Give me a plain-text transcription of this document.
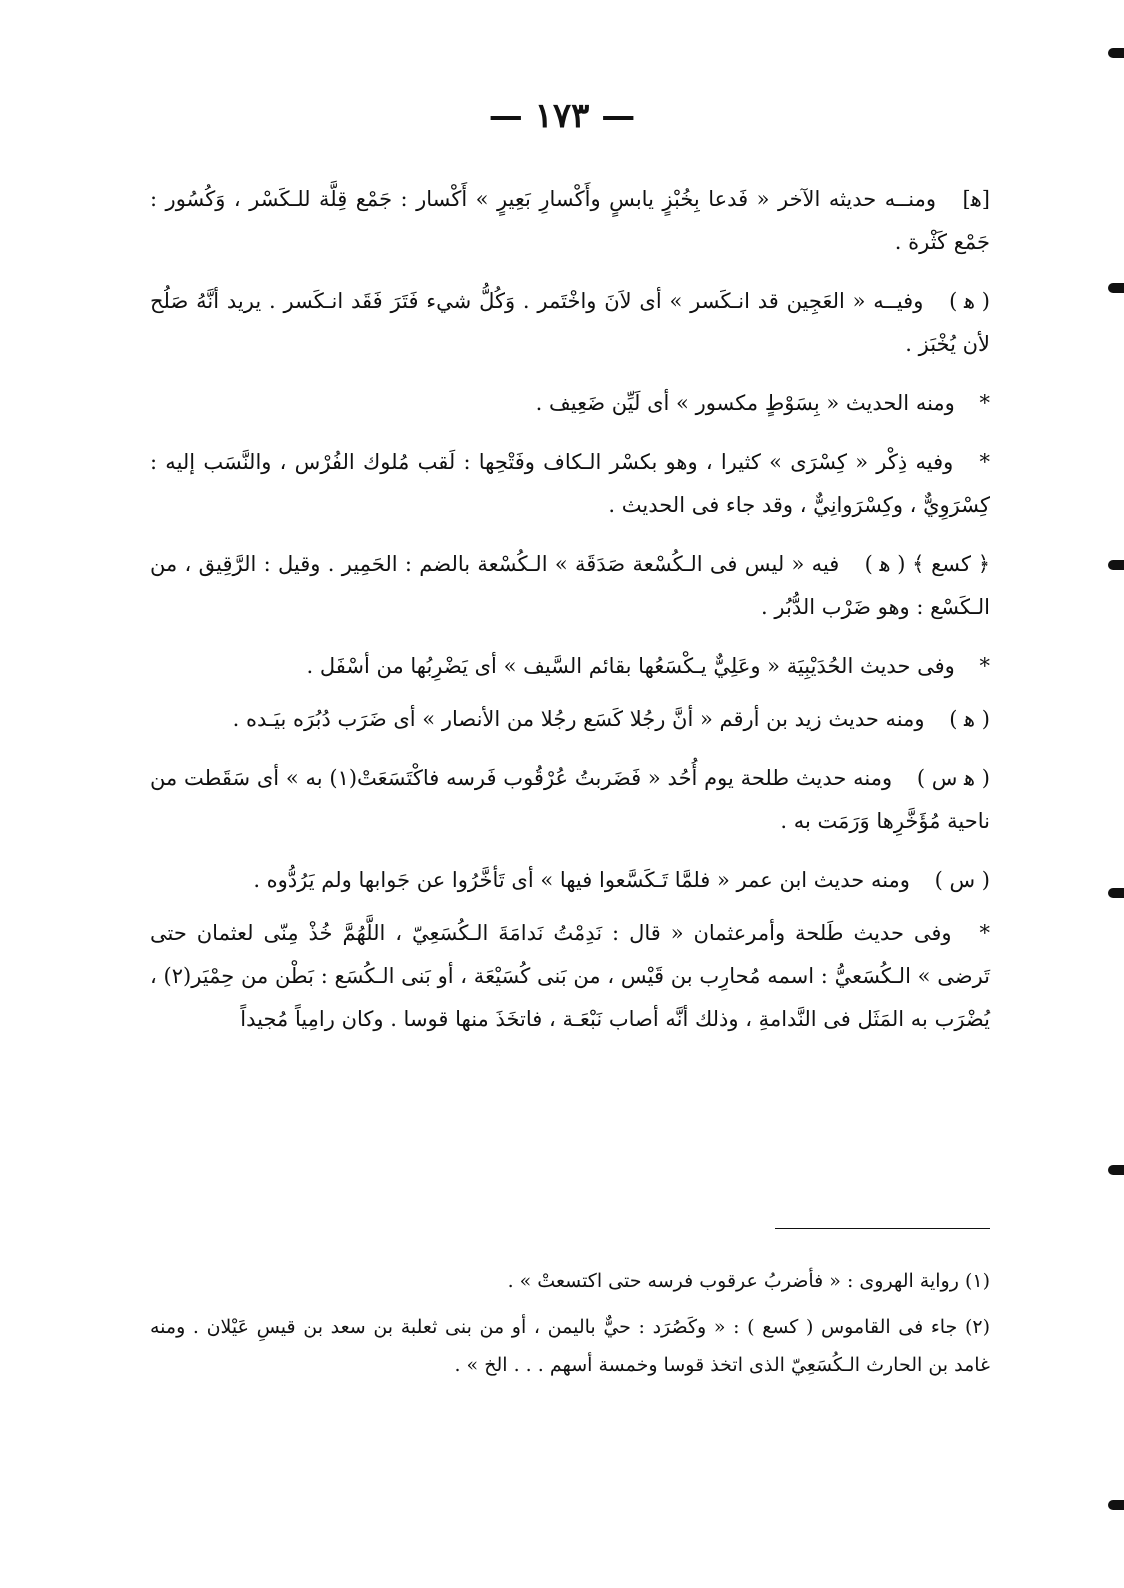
— ١٧٣ —

[ﻫ] ومنــه حديثه الآخر « فَدعا بِخُبْزٍ يابسٍ وأَكْسارِ بَعِيرٍ » أَكْسار : جَمْع قِلَّة للـكَسْر ، وَكُسُور : جَمْع كَثْرة .

( ﻫ ) وفيــه « العَجِين قد انـكَسر » أى لاَنَ واخْتَمر . وَكُلُّ شيء فَتَرَ فَقَد انـكَسر . يريد أنَّهُ صَلُح لأن يُخْبَز .

* ومنه الحديث « بِسَوْطٍ مكسور » أى لَيِّن ضَعِيف .

* وفيه ذِكْر « كِسْرَى » كثيرا ، وهو بكسْر الـكاف وفَتْحِها : لَقب مُلوك الفُرْس ، والنَّسَب إليه : كِسْرَوِيٌّ ، وكِسْرَوانِيٌّ ، وقد جاء فى الحديث .

﴿ كسع ﴾ ( ﻫ ) فيه « ليس فى الـكُسْعة صَدَقَة » الـكُسْعة بالضم : الحَمِير . وقيل : الرَّقِيق ، من الـكَسْع : وهو ضَرْب الدُّبُر .

* وفى حديث الحُدَيْبِيَة « وعَلِيٌّ يـكْسَعُها بقائم السَّيف » أى يَضْرِبُها من أسْفَل .

( ﻫ ) ومنه حديث زيد بن أرقم « أنَّ رجُلا كَسَع رجُلا من الأنصار » أى ضَرَب دُبُرَه بيَـده .

( ﻫ س ) ومنه حديث طلحة يوم أُحُد « فَضَربتُ عُرْقُوب فَرسه فاكْتَسَعَتْ(١) به » أى سَقَطت من ناحية مُؤَخَّرِها وَرَمَت به .

( س ) ومنه حديث ابن عمر « فلمَّا تَـكَسَّعوا فيها » أى تَأخَّرُوا عن جَوابها ولم يَرُدُّوه .

* وفى حديث طَلحة وأمرعثمان « قال : نَدِمْتُ نَدامَةَ الـكُسَعِيّ ، اللَّهُمَّ خُذْ مِنّى لعثمان حتى تَرضى » الـكُسَعيُّ : اسمه مُحارِب بن قَيْس ، من بَنى كُسَيْعَة ، أو بَنى الـكُسَع : بَطْن من حِمْيَر(٢) ، يُضْرَب به المَثَل فى النَّدامةِ ، وذلك أنَّه أصاب نَبْعَـة ، فاتخَذَ منها قوسا . وكان رامِياً مُجيداً

(١) رواية الهروى : « فأضربُ عرقوب فرسه حتى اكتسعتْ » .

(٢) جاء فى القاموس ( كسع ) : « وكَصُرَد : حيٌّ باليمن ، أو من بنى ثعلبة بن سعد بن قيسِ عَيْلان . ومنه غامد بن الحارث الـكُسَعِيّ الذى اتخذ قوسا وخمسة أسهم . . . الخ » .
